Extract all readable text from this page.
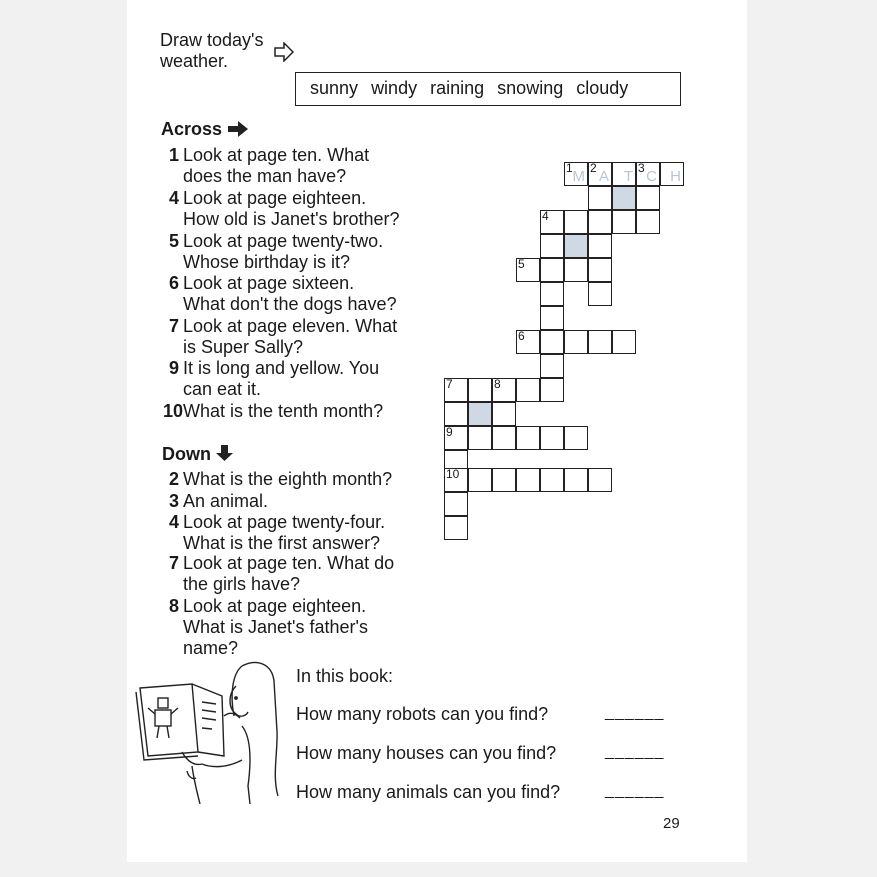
Draw today's
weather.
sunny windy raining snowing cloudy
Across
1 Look at page ten. What
does the man have?
4 Look at page eighteen.
How old is Janet's brother?
5 Look at page twenty-two.
Whose birthday is it?
6 Look at page sixteen.
What don't the dogs have?
7 Look at page eleven. What
is Super Sally?
9 It is long and yellow. You
can eat it.
10What is the tenth month?
Down
2 What is the eighth month?
3 An animal.
4 Look at page twenty-four.
What is the first answer?
7 Look at page ten. What do
the girls have?
8 Look at page eighteen.
What is Janet's father's
name?
1 M 2 A T 3 C H
4
5
6
7	8
9
10
In this book:
How many robots can you find?	______
How many houses can you find?	______
How many animals can you find?	______
29
